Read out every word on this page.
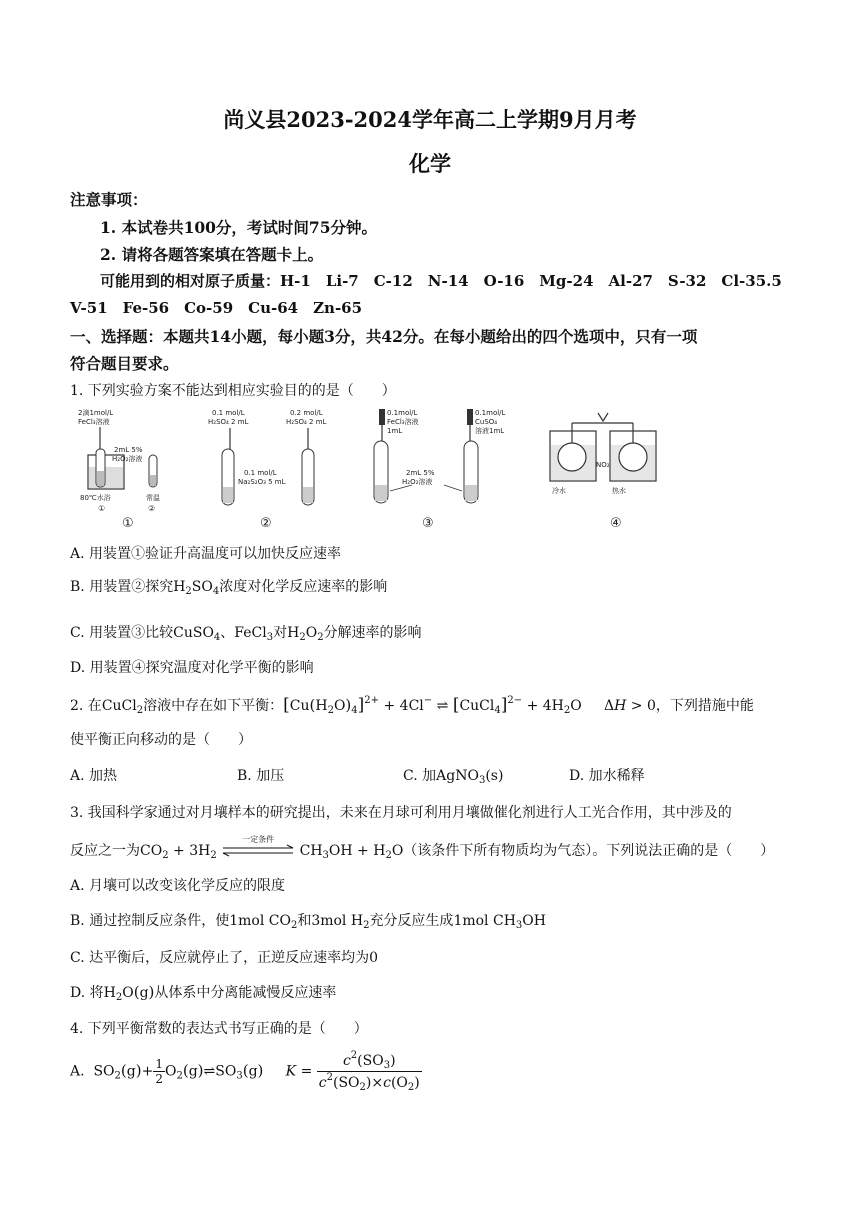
尚义县2023-2024学年高二上学期9月月考
化学
注意事项：
1. 本试卷共100分，考试时间75分钟。
2. 请将各题答案填在答题卡上。
可能用到的相对原子质量：H-1　Li-7　C-12　N-14　O-16　Mg-24　Al-27　S-32　Cl-35.5
V-51　Fe-56　Co-59　Cu-64　Zn-65
一、选择题：本题共14小题，每小题3分，共42分。在每小题给出的四个选项中，只有一项
符合题目要求。
1. 下列实验方案不能达到相应实验目的的是（　　）
2滴1mol/L
FeCl₃溶液
2mL 5%
H₂O₂溶液
80℃水浴	常温
①	②
①
0.1 mol/L
H₂SO₄ 2 mL
0.2 mol/L
H₂SO₄ 2 mL
0.1 mol/L
Na₂S₂O₃ 5 mL
②
0.1mol/L
FeCl₃溶液
1mL
0.1mol/L
CuSO₄
溶液1mL
2mL 5%
H₂O₂溶液
③
NO₂
冷水	热水
④
A. 用装置①验证升高温度可以加快反应速率
B. 用装置②探究$H_2SO_4$浓度对化学反应速率的影响
C. 用装置③比较CuSO$_4$、FeCl$_3$对$H_2O_2$分解速率的影响
D. 用装置④探究温度对化学平衡的影响
2. 在CuCl$_2$溶液中存在如下平衡：$[Cu(H_2O)_4]^{2+} + 4Cl^-$ ⇌ [CuCl$_4$]$^{2-}$ + $4H_2O$     ΔH > 0，下列措施中能
使平衡正向移动的是（　　）
A. 加热	B. 加压	C. 加AgNO$_3$(s)	D. 加水稀释
3. 我国科学家通过对月壤样本的研究提出，未来在月球可利用月壤做催化剂进行人工光合作用，其中涉及的
反应之一为$CO_2 + 3H_2$
一定条件
$CH_3OH + H_2O$（该条件下所有物质均为气态）。下列说法正确的是（　　）
A. 月壤可以改变该化学反应的限度
B. 通过控制反应条件，使1mol $CO_2$和3mol $H_2$充分反应生成1mol $CH_3OH$
C. 达平衡后，反应就停止了，正逆反应速率均为0
D. 将$H_2O(g)$从体系中分离能减慢反应速率
4. 下列平衡常数的表达式书写正确的是（　　）
A.  $SO_2(g)+ \frac{1}{2}$ $O_2(g)\rightleftharpoons SO_3(g) K = \frac{c^2(SO_3)}{c^2(SO_2)\times c(O_2)}$
